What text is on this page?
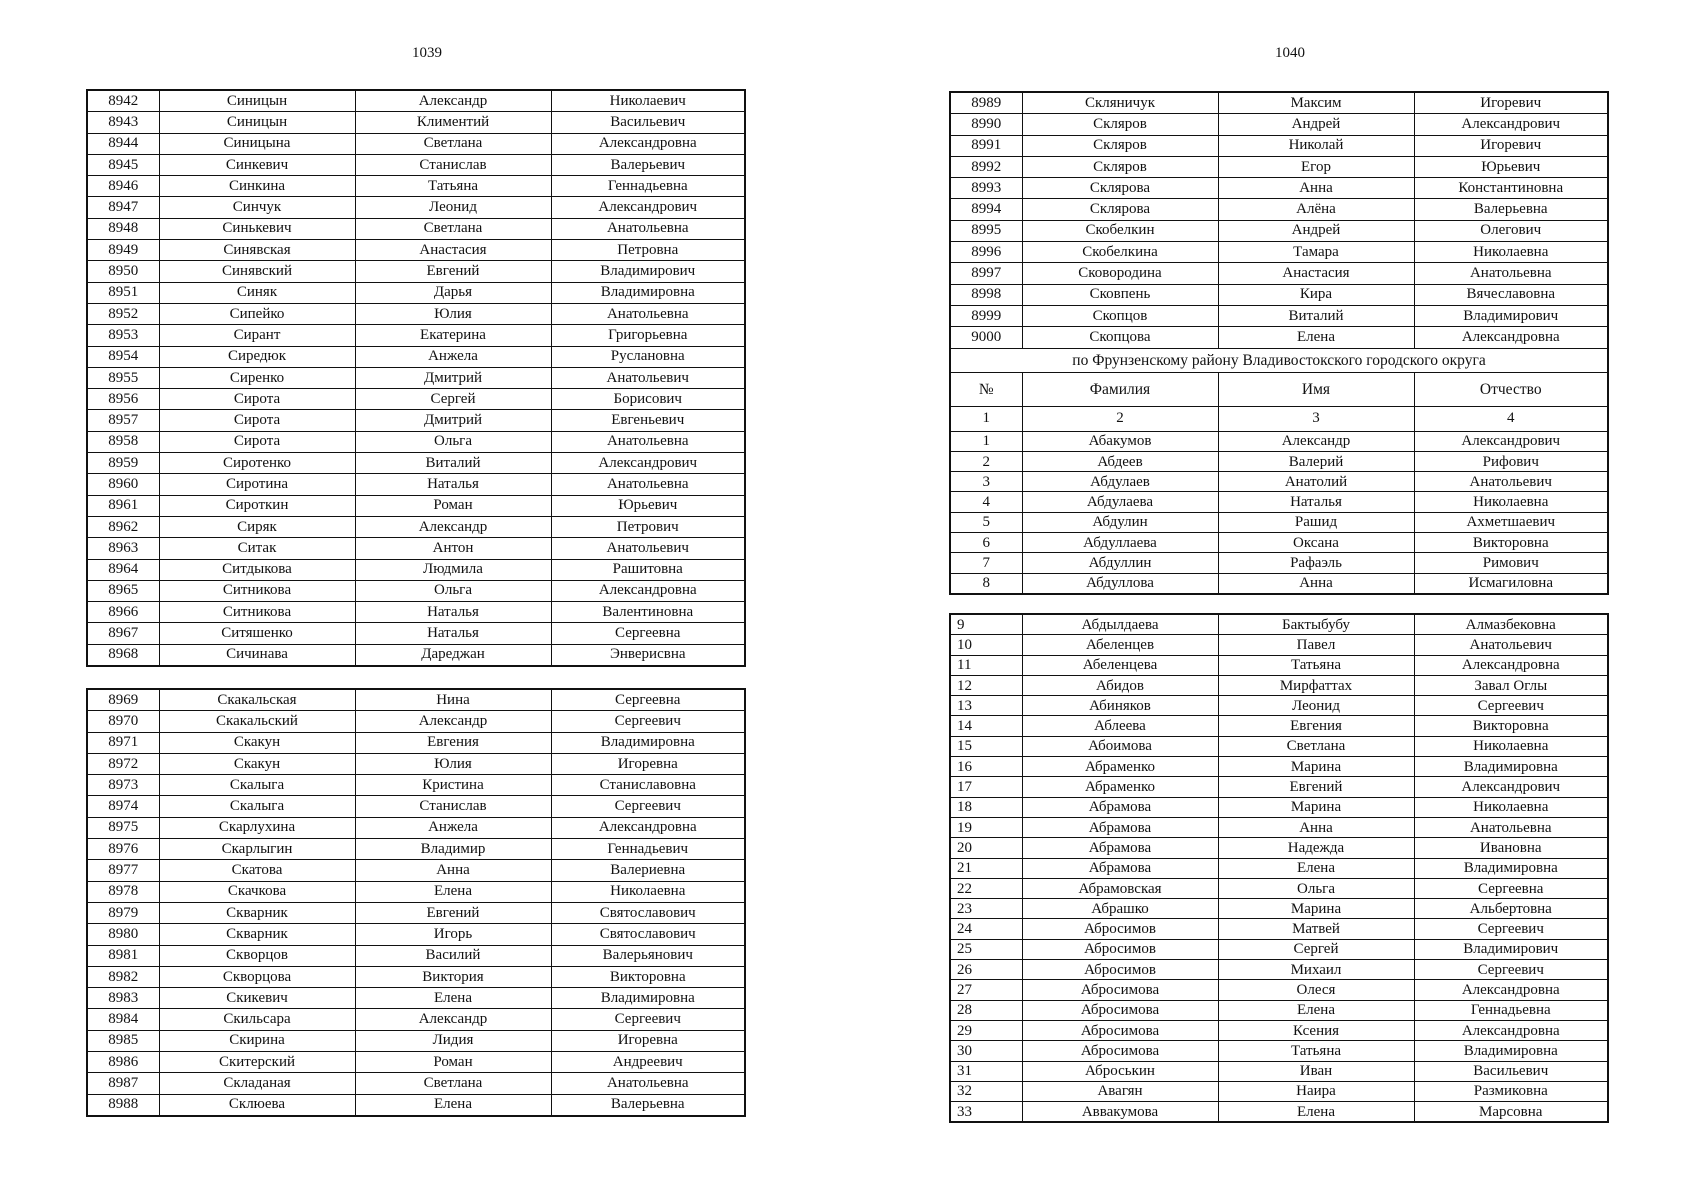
1039	1040
8942	Синицын	Александр	Николаевич
8943	Синицын	Климентий	Васильевич
8944	Синицына	Светлана	Александровна
8945	Синкевич	Станислав	Валерьевич
8946	Синкина	Татьяна	Геннадьевна
8947	Синчук	Леонид	Александрович
8948	Синькевич	Светлана	Анатольевна
8949	Синявская	Анастасия	Петровна
8950	Синявский	Евгений	Владимирович
8951	Синяк	Дарья	Владимировна
8952	Сипейко	Юлия	Анатольевна
8953	Сирант	Екатерина	Григорьевна
8954	Сиредюк	Анжела	Руслановна
8955	Сиренко	Дмитрий	Анатольевич
8956	Сирота	Сергей	Борисович
8957	Сирота	Дмитрий	Евгеньевич
8958	Сирота	Ольга	Анатольевна
8959	Сиротенко	Виталий	Александрович
8960	Сиротина	Наталья	Анатольевна
8961	Сироткин	Роман	Юрьевич
8962	Сиряк	Александр	Петрович
8963	Ситак	Антон	Анатольевич
8964	Ситдыкова	Людмила	Рашитовна
8965	Ситникова	Ольга	Александровна
8966	Ситникова	Наталья	Валентиновна
8967	Ситяшенко	Наталья	Сергеевна
8968	Сичинава	Дареджан	Энверисвна
8969	Скакальская	Нина	Сергеевна
8970	Скакальский	Александр	Сергеевич
8971	Скакун	Евгения	Владимировна
8972	Скакун	Юлия	Игоревна
8973	Скалыга	Кристина	Станиславовна
8974	Скалыга	Станислав	Сергеевич
8975	Скарлухина	Анжела	Александровна
8976	Скарлыгин	Владимир	Геннадьевич
8977	Скатова	Анна	Валериевна
8978	Скачкова	Елена	Николаевна
8979	Скварник	Евгений	Святославович
8980	Скварник	Игорь	Святославович
8981	Скворцов	Василий	Валерьянович
8982	Скворцова	Виктория	Викторовна
8983	Скикевич	Елена	Владимировна
8984	Скильсара	Александр	Сергеевич
8985	Скирина	Лидия	Игоревна
8986	Скитерский	Роман	Андреевич
8987	Складаная	Светлана	Анатольевна
8988	Склюева	Елена	Валерьевна
8989	Скляничук	Максим	Игоревич
8990	Скляров	Андрей	Александрович
8991	Скляров	Николай	Игоревич
8992	Скляров	Егор	Юрьевич
8993	Склярова	Анна	Константиновна
8994	Склярова	Алёна	Валерьевна
8995	Скобелкин	Андрей	Олегович
8996	Скобелкина	Тамара	Николаевна
8997	Сковородина	Анастасия	Анатольевна
8998	Сковпень	Кира	Вячеславовна
8999	Скопцов	Виталий	Владимирович
9000	Скопцова	Елена	Александровна
по Фрунзенскому району Владивостокского городского округа			
№	Фамилия	Имя	Отчество
1	2	3	4
1	Абакумов	Александр	Александрович
2	Абдеев	Валерий	Рифович
3	Абдулаев	Анатолий	Анатольевич
4	Абдулаева	Наталья	Николаевна
5	Абдулин	Рашид	Ахметшаевич
6	Абдуллаева	Оксана	Викторовна
7	Абдуллин	Рафаэль	Римович
8	Абдуллова	Анна	Исмагиловна
9	Абдылдаева	Бактыбубу	Алмазбековна
10	Абеленцев	Павел	Анатольевич
11	Абеленцева	Татьяна	Александровна
12	Абидов	Мирфаттах	Завал Оглы
13	Абиняков	Леонид	Сергеевич
14	Аблеева	Евгения	Викторовна
15	Абоимова	Светлана	Николаевна
16	Абраменко	Марина	Владимировна
17	Абраменко	Евгений	Александрович
18	Абрамова	Марина	Николаевна
19	Абрамова	Анна	Анатольевна
20	Абрамова	Надежда	Ивановна
21	Абрамова	Елена	Владимировна
22	Абрамовская	Ольга	Сергеевна
23	Абрашко	Марина	Альбертовна
24	Абросимов	Матвей	Сергеевич
25	Абросимов	Сергей	Владимирович
26	Абросимов	Михаил	Сергеевич
27	Абросимова	Олеся	Александровна
28	Абросимова	Елена	Геннадьевна
29	Абросимова	Ксения	Александровна
30	Абросимова	Татьяна	Владимировна
31	Аброськин	Иван	Васильевич
32	Авагян	Наира	Размиковна
33	Аввакумова	Елена	Марсовна
